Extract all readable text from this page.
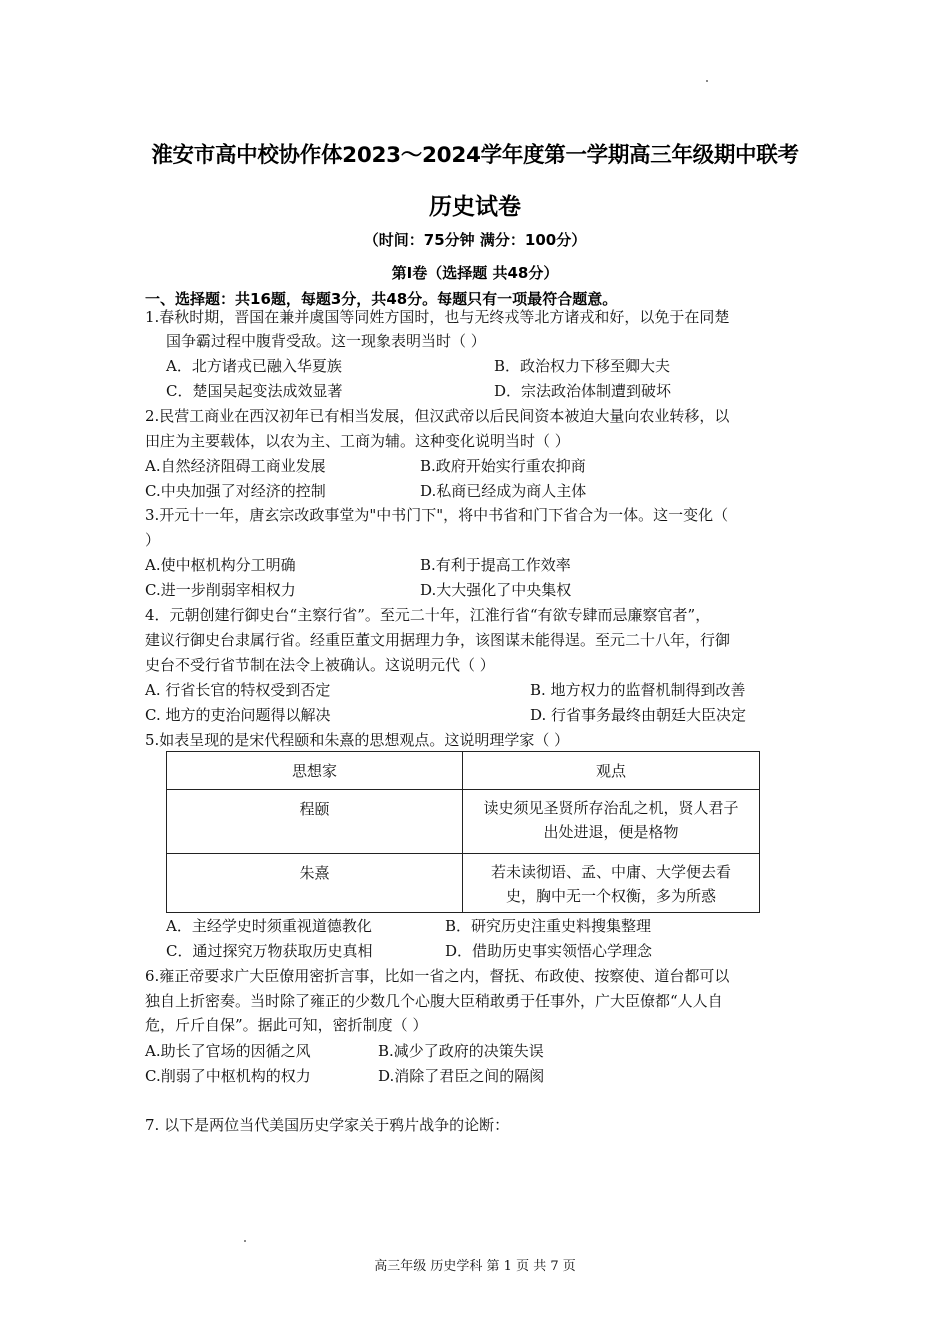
淮安市高中校协作体2023～2024学年度第一学期高三年级期中联考
历史试卷
（时间：75分钟 满分：100分）
第Ⅰ卷（选择题 共48分）
一、选择题：共16题，每题3分，共48分。每题只有一项最符合题意。
1.春秋时期，晋国在兼并虞国等同姓方国时，也与无终戎等北方诸戎和好，以免于在同楚
国争霸过程中腹背受敌。这一现象表明当时（ ）
A．北方诸戎已融入华夏族	B．政治权力下移至卿大夫
C．楚国吴起变法成效显著	D．宗法政治体制遭到破坏
2.民营工商业在西汉初年已有相当发展，但汉武帝以后民间资本被迫大量向农业转移，以
田庄为主要载体，以农为主、工商为辅。这种变化说明当时（ ）
A.自然经济阻碍工商业发展	B.政府开始实行重农抑商
C.中央加强了对经济的控制	D.私商已经成为商人主体
3.开元十一年，唐玄宗改政事堂为"中书门下"，将中书省和门下省合为一体。这一变化（
）
A.使中枢机构分工明确	B.有利于提高工作效率
C.进一步削弱宰相权力	D.大大强化了中央集权
4．元朝创建行御史台“主察行省”。至元二十年，江淮行省“有欲专肆而忌廉察官者”，
建议行御史台隶属行省。经重臣董文用据理力争，该图谋未能得逞。至元二十八年，行御
史台不受行省节制在法令上被确认。这说明元代（ ）
A. 行省长官的特权受到否定	B. 地方权力的监督机制得到改善
C. 地方的吏治问题得以解决	D. 行省事务最终由朝廷大臣决定
5.如表呈现的是宋代程颐和朱熹的思想观点。这说明理学家（ ）
思想家	观点
程颐	读史须见圣贤所存治乱之机，贤人君子
出处进退，便是格物

朱熹	若未读彻语、孟、中庸、大学便去看
史，胸中无一个权衡，多为所惑
A．主经学史时须重视道德教化	B．研究历史注重史料搜集整理
C．通过探究万物获取历史真相	D．借助历史事实领悟心学理念
6.雍正帝要求广大臣僚用密折言事，比如一省之内，督抚、布政使、按察使、道台都可以
独自上折密奏。当时除了雍正的少数几个心腹大臣稍敢勇于任事外，广大臣僚都“人人自
危，斤斤自保”。据此可知，密折制度（ ）
A.助长了官场的因循之风	B.减少了政府的决策失误
C.削弱了中枢机构的权力	D.消除了君臣之间的隔阂
7. 以下是两位当代美国历史学家关于鸦片战争的论断：
高三年级 历史学科 第 1 页 共 7 页
